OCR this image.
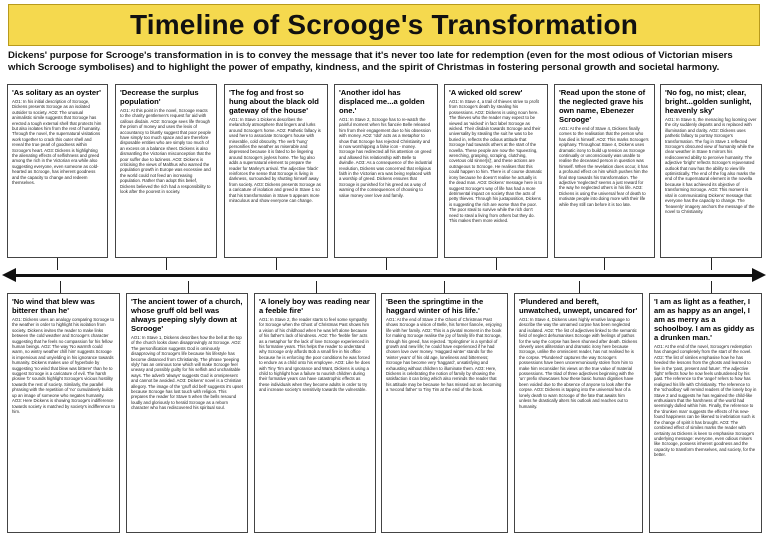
Timeline of Scrooge's Transformation
Dickens' purpose for Scrooge's transformation in is to convey the message that it's never too late for redemption (even for the most odious of Victorian misers which Scrooge symbolises) and to highlight the power of empathy, kindness, and the spirit of Christmas in fostering personal growth and societal harmony.
'As solitary as an oyster'
AO1: In his initial description of Scrooge, Dickens presents Scrooge as an isolated outsider to society. AO2: The unusual animalistic simile suggests that Scrooge has erected a tough external shell that protects him but also isolates him from the rest of humanity. Through the novel, the supernatural visitations work together to crack this outer shell and reveal the true pearl of goodness within Scrooge's heart. AO3: Dickens is highlighting the alienating effects of selfishness and greed among the rich in the Victorian era while also suggesting everyone, even someone as cold-hearted as Scrooge, has inherent goodness and the capacity to change and redeem themselves.
'Decrease the surplus population'
AO1: At this point in the novel, Scrooge reacts to the charity gentlemen's request for aid with callous disdain. AO2: Scrooge sees life through the prism of money and uses the lexis of accountancy to bluntly suggest that poor people have simply too much space and are therefore disposable entities who are simply too much of an excess on a balance sheet. Dickens is also dismantling the Victorian misconception that the poor suffer due to laziness. AO3: Dickens is criticising the views of Malthus who warned the population growth in Europe was excessive and the world could not feed an increasing population. Rather than adopt this belief, Dickens believed the rich had a responsibility to look after the poorest in society.
'The fog and frost so hung about the black old gateway of the house'
AO1: In Stave 1 Dickens describes the melancholy atmosphere that lingers and lurks around Scrooge's home. AO2: Pathetic fallacy is used here to associate Scrooge's house with miserable, cold obscurity. The verb 'hung' personifies the weather as miserable and depressed because it is fated to be lingering around Scrooge's joyless home. The fog also adds a supernatural element to prepare the reader for Marley's arrival. The adjective 'black' reinforces the sense that Scrooge is living in darkness, surrounded by shutting himself away from society. AO3: Dickens presents Scrooge as a caricature of isolation and greed in Stave 1 so that his transformation in Stave 5 appears more miraculous and show everyone can change.
'Another idol has displaced me...a golden one.'
AO1: In Stave 2, Scrooge has to re-watch the painful moment when his fiancée Belle released him from their engagement due to his obsession with money. AO2: 'Idol' acts as a metaphor to show that Scrooge has rejected Christianity and is now worshipping a false icon - money. Scrooge has redirected all his attention on greed and allowed his relationship with Belle to dwindle. AO3: As a consequence of the industrial revolution, Dickens was concerned that religious faith in the Victorian era was being replaced with a worship of greed. Dickens ensures that Scrooge is punished for his greed as a way of warning of the consequences of choosing to value money over love and family.
'A wicked old screw'
AO1: In Stave 4, a trail of thieves strive to profit from Scrooge's death by stealing his possessions. AO2: Dickens is using noun here. The thieves who the reader may expect to be viewed as 'wicked' in fact label Scrooge as wicked. Their disdain towards Scrooge and their universality by stealing the suit he was to be buried in, reflects the odious attitude that Scrooge had towards others at the start of the novella. These people are now the 'squeezing, wrenching, grasping, scraping, clutching, covetous old sinner[s]', and these actions are outrageous to Scrooge. He realises that this could happen to him. There is of course dramatic irony because he doesn't realise he actually is the dead man. AO3: Dickens' message here is to suggest Scrooge's way of life has had a more detrimental impact on society than the acts of petty thieves. Through his juxtaposition, Dickens is suggesting the rich are worse than the poor. The poor steal to survive while the rich don't need to steal a living from others but they do. This makes them more wicked.
'Read upon the stone of the neglected grave his own name, Ebenezer Scrooge'
AO1: At the end of Stave 4, Dickens finally comes to the realisation that the person who has died is himself. AO2: This marks Scrooge's epiphany. Throughout Stave 4, Dickens uses dramatic irony to build up tension as Scrooge continually or unconsciously was unable to realise the deceased person in question was himself. When the revelation does occur, it has a profound effect on him which pushes him the final step towards his transformation. The adjective 'neglected' seems a just reward for the way he neglected others in his life. AO3: Dickens is using the universal fear of death to motivate people into doing more with their life while they still can before it is too late.
'No fog, no mist; clear, bright...golden sunlight, heavenly sky'
AO1: In Stave 5, the menacing fog looming over the city suddenly departs and is replaced with illumination and clarity. AO2: Dickens uses pathetic fallacy to portray Scrooge's transformation. The fog in Stave 1 reflected Scrooge's obscured view of humanity while the clear weather in Stave 5 mirrors his rediscovered ability to perceive humanity. The adjective 'bright' reflects Scrooge's rejuvenated outlook that now has the ability to view life optimistically. The end of the fog also marks the end of the supernatural element in the novella because it has achieved its objective of transforming Scrooge. AO3: This moment is vital in communicating Dickens' message that everyone has the capacity to change. The 'heavenly' imagery anchors the message of the novel to Christianity.
'No wind that blew was bitterer than he'
AO1: Dickens uses an analogy comparing Scrooge to the weather in order to highlight his isolation from society. Dickens invites the reader to make links between the cold weather and Scrooge's character suggesting that he feels no compassion for his fellow human beings. AO2: The way 'No warmth could warm, no wintry weather chill him' suggests Scrooge is impervious and unyielding in his ignorance towards humanity. Dickens makes use of hyperbole by suggesting 'no wind that blew was bitterer' than he to suggest Scrooge is a caricature of evil. The harsh plosive 'b' sounds highlight Scrooge's vicious hostility towards the rest of society. Similarly, the parallel phrasing with the repetition of 'no' cumulatively builds up an image of someone who negates humanity. AO3: Here Dickens is showing Scrooge's indifference towards society is matched by society's indifference to him.
'The ancient tower of a church, whose gruff old bell was always peeping slyly down at Scrooge'
AO1: In Stave 1, Dickens describes how the bell at the top of the church looks down disapprovingly at Scrooge. AO2: The personification suggests God is ominously disapproving of Scrooge's life because his lifestyle has become distanced from Christianity. The phrase 'peeping slyly' has an ominous tone which will make Scrooge feel uneasy and possibly guilty for his selfish and uncharitable ways. The adverb 'always' suggests God is omnipresent and cannot be avoided. AO3: Dickens' novel is a Christian allegory. The image of the 'gruff old bell' suggests it's upset because Scrooge has lost touch with religion. This prepares the reader for Stave 5 when the bells resound loudly and gloriously to herald Scrooge as a reborn character who has rediscovered his spiritual soul.
'A lonely boy was reading near a feeble fire'
AO1: In Stave 2, the reader starts to feel some sympathy for Scrooge when the Ghost of Christmas Past shows him a vision of his childhood when he was left alone because of his father's lack of kindness. AO2: The 'feeble fire' acts as a metaphor for the lack of love Scrooge experienced in his formative years. This helps the reader to understand why Scrooge only affords Bob a small fire in his office because he is enforcing the poor conditions he was forced to endure as a child onto his employee. AO3: Like he does with Tiny Tim and Ignorance and Want, Dickens is using a child to highlight how a failure to nourish children during their formative years can have catastrophic effects as these individuals when they become adults in order to try and increase society's sensitivity towards the vulnerable.
'Been the springtime in the haggard winter of his life.'
AO1: At the end of Stave 2 the Ghost of Christmas Past shows Scrooge a vision of Belle, his former fiancée, enjoying life with her family. AO2: This is a pivotal moment in the book for making Scrooge realise the joy of family life that Scrooge, through his greed, has rejected. 'Springtime' is a symbol of growth and new life; he could have experienced if he had chosen love over money. 'Haggard winter' stands for the 'winter years' of his old age, loneliness and bitterness; Scrooge has become very 'haggard', unsatisfying and exhausting without children to illuminate them. AO3: Here, Dickens is celebrating the notion of family by showing the satisfaction it can bring which also reminds the reader that his attitude may be because he has missed out on becoming a 'second father' to Tiny Tim at the end of the book.
'Plundered and bereft, unwatched, unwept, uncared for'
AO1: In Stave 4, Dickens uses highly emotive language to describe the way the unnamed corpse has been neglected and isolated. AO2: The list of adjectives linked to the semantic field of neglect dehumanises Scrooge with feelings of pathos for the way the corpse has been shunned after death. Dickens cleverly uses alliteration and dramatic irony here because Scrooge, unlike the omniscient reader, has not realised he is the corpse. 'Plundered' captures the way Scrooge's possessions have been unceremoniously stolen from him to make him reconsider his views on the true value of material possessions. The triad of three adjectives beginning with the 'un' prefix showcases how these basic human dignities have been voided due to the absence of anyone to look after the corpse. AO3: Dickens is tapping into the universal fear of a lonely death to warn Scrooge of the fate that awaits him unless he drastically alters his outlook and reaches out to humanity.
'I am as light as a feather, I am as happy as an angel, I am as merry as a schoolboy. I am as giddy as a drunken man.'
AO1: At the end of the novel, Scrooge's redemption has changed completely from the start of the novel. AO2: The list of similes emphasise how he has heeded the lessons from the ghosts and learned to live in the 'past, present and future'. The adjective 'light' reflects how he now feels unburdened by his past. The reference to the 'angel' refers to how has realigned his life with Christianity. The reference to the 'schoolboy' will remind readers of the lonely boy in Stave 2 and suggests he has regained the child-like enthusiasm that the harshness of the world had seemingly dulled within him. Finally, the reference to the 'drunken man' suggests the effects of his new-found happiness can be likened to inebriation such is the change of spirit it has brought. AO3: The combined effect of similes marks the reader with certainty as Dickens is keen to emphasise Scrooge's underlying message: everyone, even odious misers like Scrooge, possess inherent goodness and the capacity to transform themselves, and society, for the better.
